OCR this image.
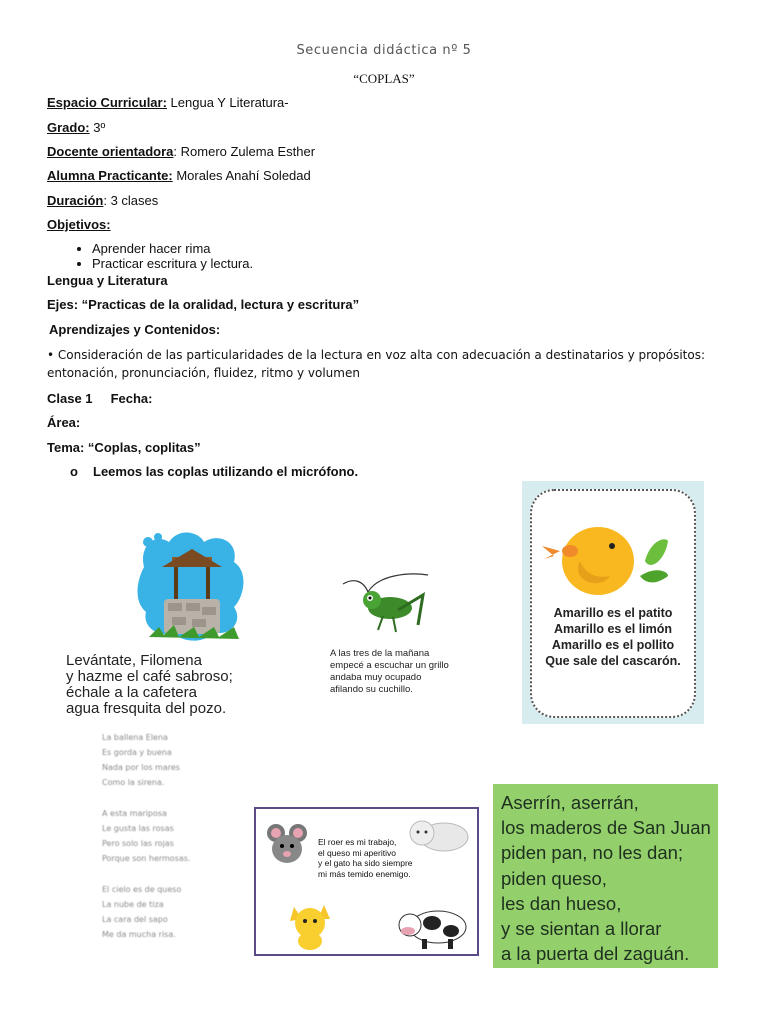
Secuencia didáctica nº 5
“COPLAS”
Espacio Curricular: Lengua Y Literatura-
Grado: 3º
Docente orientadora: Romero Zulema Esther
Alumna Practicante: Morales Anahí Soledad
Duración: 3 clases
Objetivos:
• Aprender hacer rima
• Practicar escritura y lectura.
Lengua y Literatura
Ejes: “Practicas de la oralidad, lectura y escritura”
Aprendizajes y Contenidos:
• Consideración de las particularidades de la lectura en voz alta con adecuación a destinatarios y propósitos: entonación, pronunciación, fluidez, ritmo y volumen
Clase 1     Fecha:
Área:
Tema: “Coplas, coplitas”
o Leemos las coplas utilizando el micrófono.
Levántate, Filomena
y hazme el café sabroso;
échale a la cafetera
agua fresquita del pozo.
A las tres de la mañana
empecé a escuchar un grillo
andaba muy ocupado
afilando su cuchillo.
Amarillo es el patito
Amarillo es el limón
Amarillo es el pollito
Que sale del cascarón.
La ballena Elena
Es gorda y buena
Nada por los mares
Como la sirena.
A esta mariposa
Le gusta las rosas
Pero solo las rojas
Porque son hermosas.
El cielo es de queso
La nube de tiza
La cara del sapo
Me da mucha risa.
El roer es mi trabajo,
el queso mi aperitivo
y el gato ha sido siempre
mi más temido enemigo.
Aserrín, aserrán,
los maderos de San Juan
piden pan, no les dan;
piden queso,
les dan hueso,
y se sientan a llorar
a la puerta del zaguán.
